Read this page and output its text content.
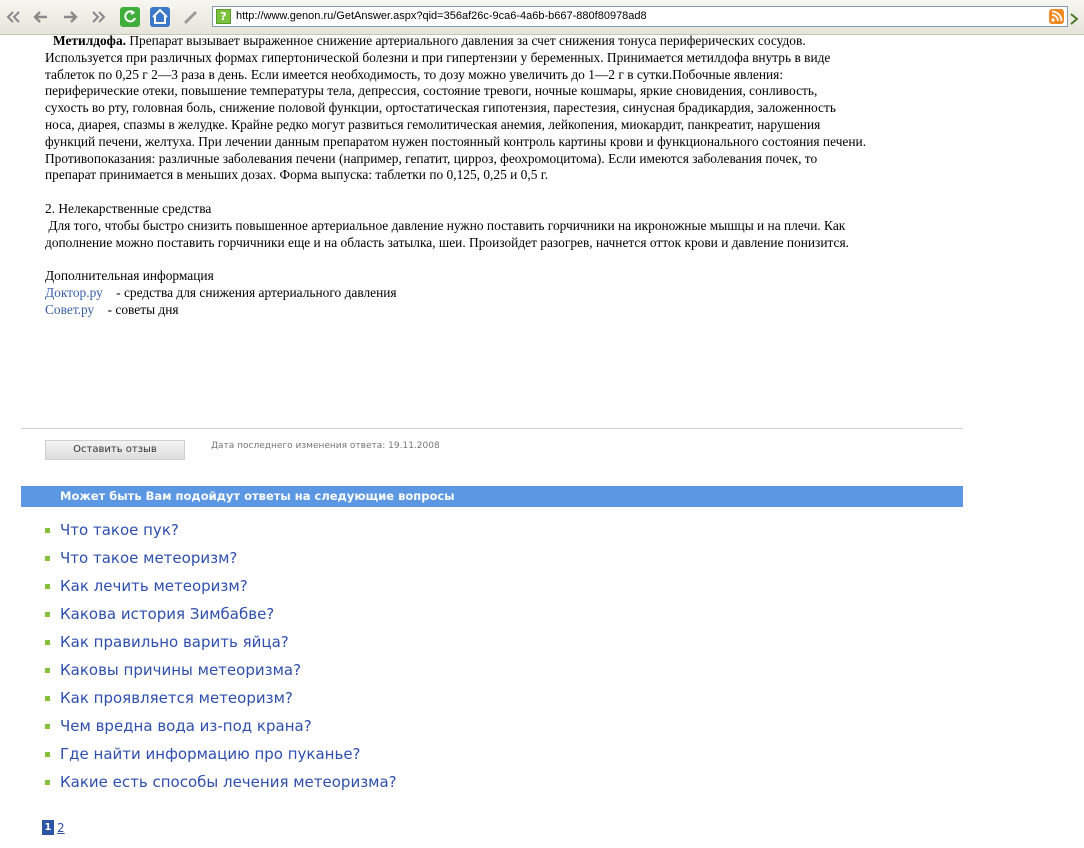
? http://www.genon.ru/GetAnswer.aspx?qid=356af26c-9ca6-4a6b-b667-880f80978ad8

Метилдофа. Препарат вызывает выраженное снижение артериального давления за счет снижения тонуса периферических сосудов.

Используется при различных формах гипертонической болезни и при гипертензии у беременных. Принимается метилдофа внутрь в виде

таблеток по 0,25 г 2—3 раза в день. Если имеется необходимость, то дозу можно увеличить до 1—2 г в сутки.Побочные явления:

периферические отеки, повышение температуры тела, депрессия, состояние тревоги, ночные кошмары, яркие сновидения, сонливость,

сухость во рту, головная боль, снижение половой функции, ортостатическая гипотензия, парестезия, синусная брадикардия, заложенность

носа, диарея, спазмы в желудке. Крайне редко могут развиться гемолитическая анемия, лейкопения, миокардит, панкреатит, нарушения

функций печени, желтуха. При лечении данным препаратом нужен постоянный контроль картины крови и функционального состояния печени.

Противопоказания: различные заболевания печени (например, гепатит, цирроз, феохромоцитома). Если имеются заболевания почек, то

препарат принимается в меньших дозах. Форма выпуска: таблетки по 0,125, 0,25 и 0,5 г.

2. Нелекарственные средства

Для того, чтобы быстро снизить повышенное артериальное давление нужно поставить горчичники на икроножные мышцы и на плечи. Как

дополнение можно поставить горчичники еще и на область затылка, шеи. Произойдет разогрев, начнется отток крови и давление понизится.

Дополнительная информация

Доктор.ру - средства для снижения артериального давления

Совет.ру - советы дня

Оставить отзыв	Дата последнего изменения ответа: 19.11.2008
Может быть Вам подойдут ответы на следующие вопросы
Что такое пук?
Что такое метеоризм?
Как лечить метеоризм?
Какова история Зимбабве?
Как правильно варить яйца?
Каковы причины метеоризма?
Как проявляется метеоризм?
Чем вредна вода из-под крана?
Где найти информацию про пуканье?
Какие есть способы лечения метеоризма?
1 2
